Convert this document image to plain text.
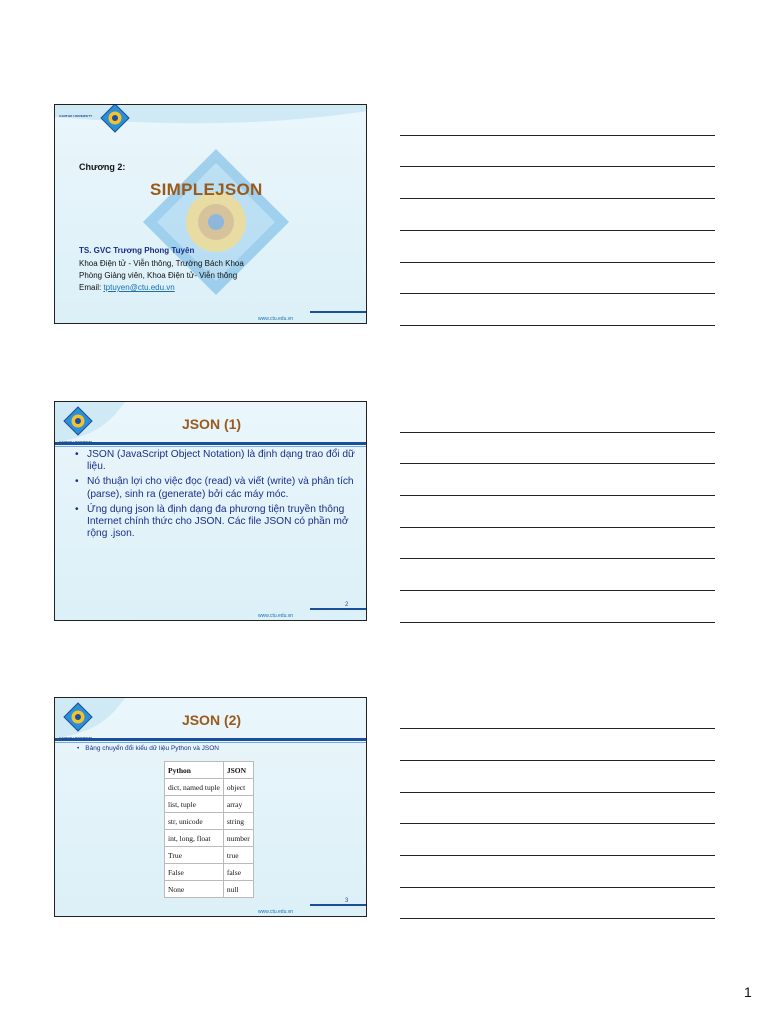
CANTHO UNIVERSITY
Chương 2:
SIMPLEJSON
TS. GVC Trương Phong Tuyên
Khoa Điện tử - Viễn thông, Trường Bách Khoa
Phòng Giảng viên, Khoa Điện tử- Viễn thông
Email: tptuyen@ctu.edu.vn
www.ctu.edu.vn
JSON (1)
• JSON (JavaScript Object Notation) là định dạng trao đổi dữ liệu.
• Nó thuận lợi cho việc đọc (read) và viết (write) và phân tích (parse), sinh ra (generate) bởi các máy móc.
• Ứng dụng json là định dạng đa phương tiện truyền thông Internet chính thức cho JSON. Các file JSON có phần mở rộng .json.
2
www.ctu.edu.vn
JSON (2)
• Bảng chuyển đổi kiểu dữ liệu Python và JSON
Python	JSON
dict, named tuple	object
list, tuple	array
str, unicode	string
int, long, float	number
True	true
False	false
None	null
3
www.ctu.edu.vn
1
